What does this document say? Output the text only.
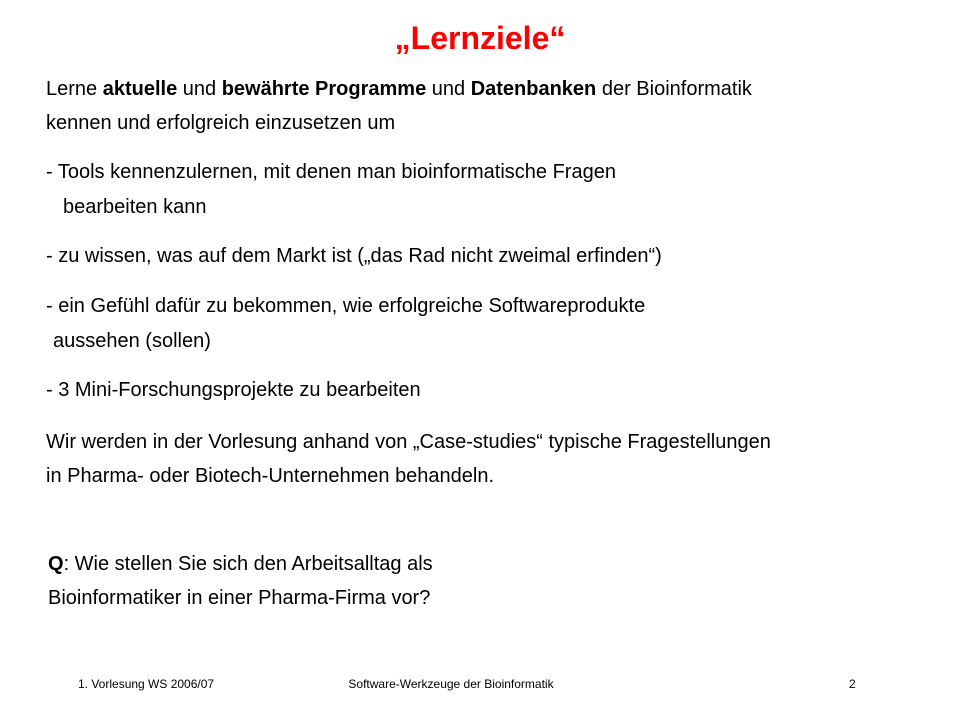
„Lernziele“
Lerne aktuelle und bewährte Programme und Datenbanken der Bioinformatik
kennen und erfolgreich einzusetzen um
- Tools kennenzulernen, mit denen man bioinformatische Fragen
bearbeiten kann
- zu wissen, was auf dem Markt ist („das Rad nicht zweimal erfinden“)
- ein Gefühl dafür zu bekommen, wie erfolgreiche Softwareprodukte
aussehen (sollen)
- 3 Mini-Forschungsprojekte zu bearbeiten
Wir werden in der Vorlesung anhand von „Case-studies“ typische Fragestellungen
in Pharma- oder Biotech-Unternehmen behandeln.
Q: Wie stellen Sie sich den Arbeitsalltag als
Bioinformatiker in einer Pharma-Firma vor?
1. Vorlesung WS 2006/07	Software-Werkzeuge der Bioinformatik	2
